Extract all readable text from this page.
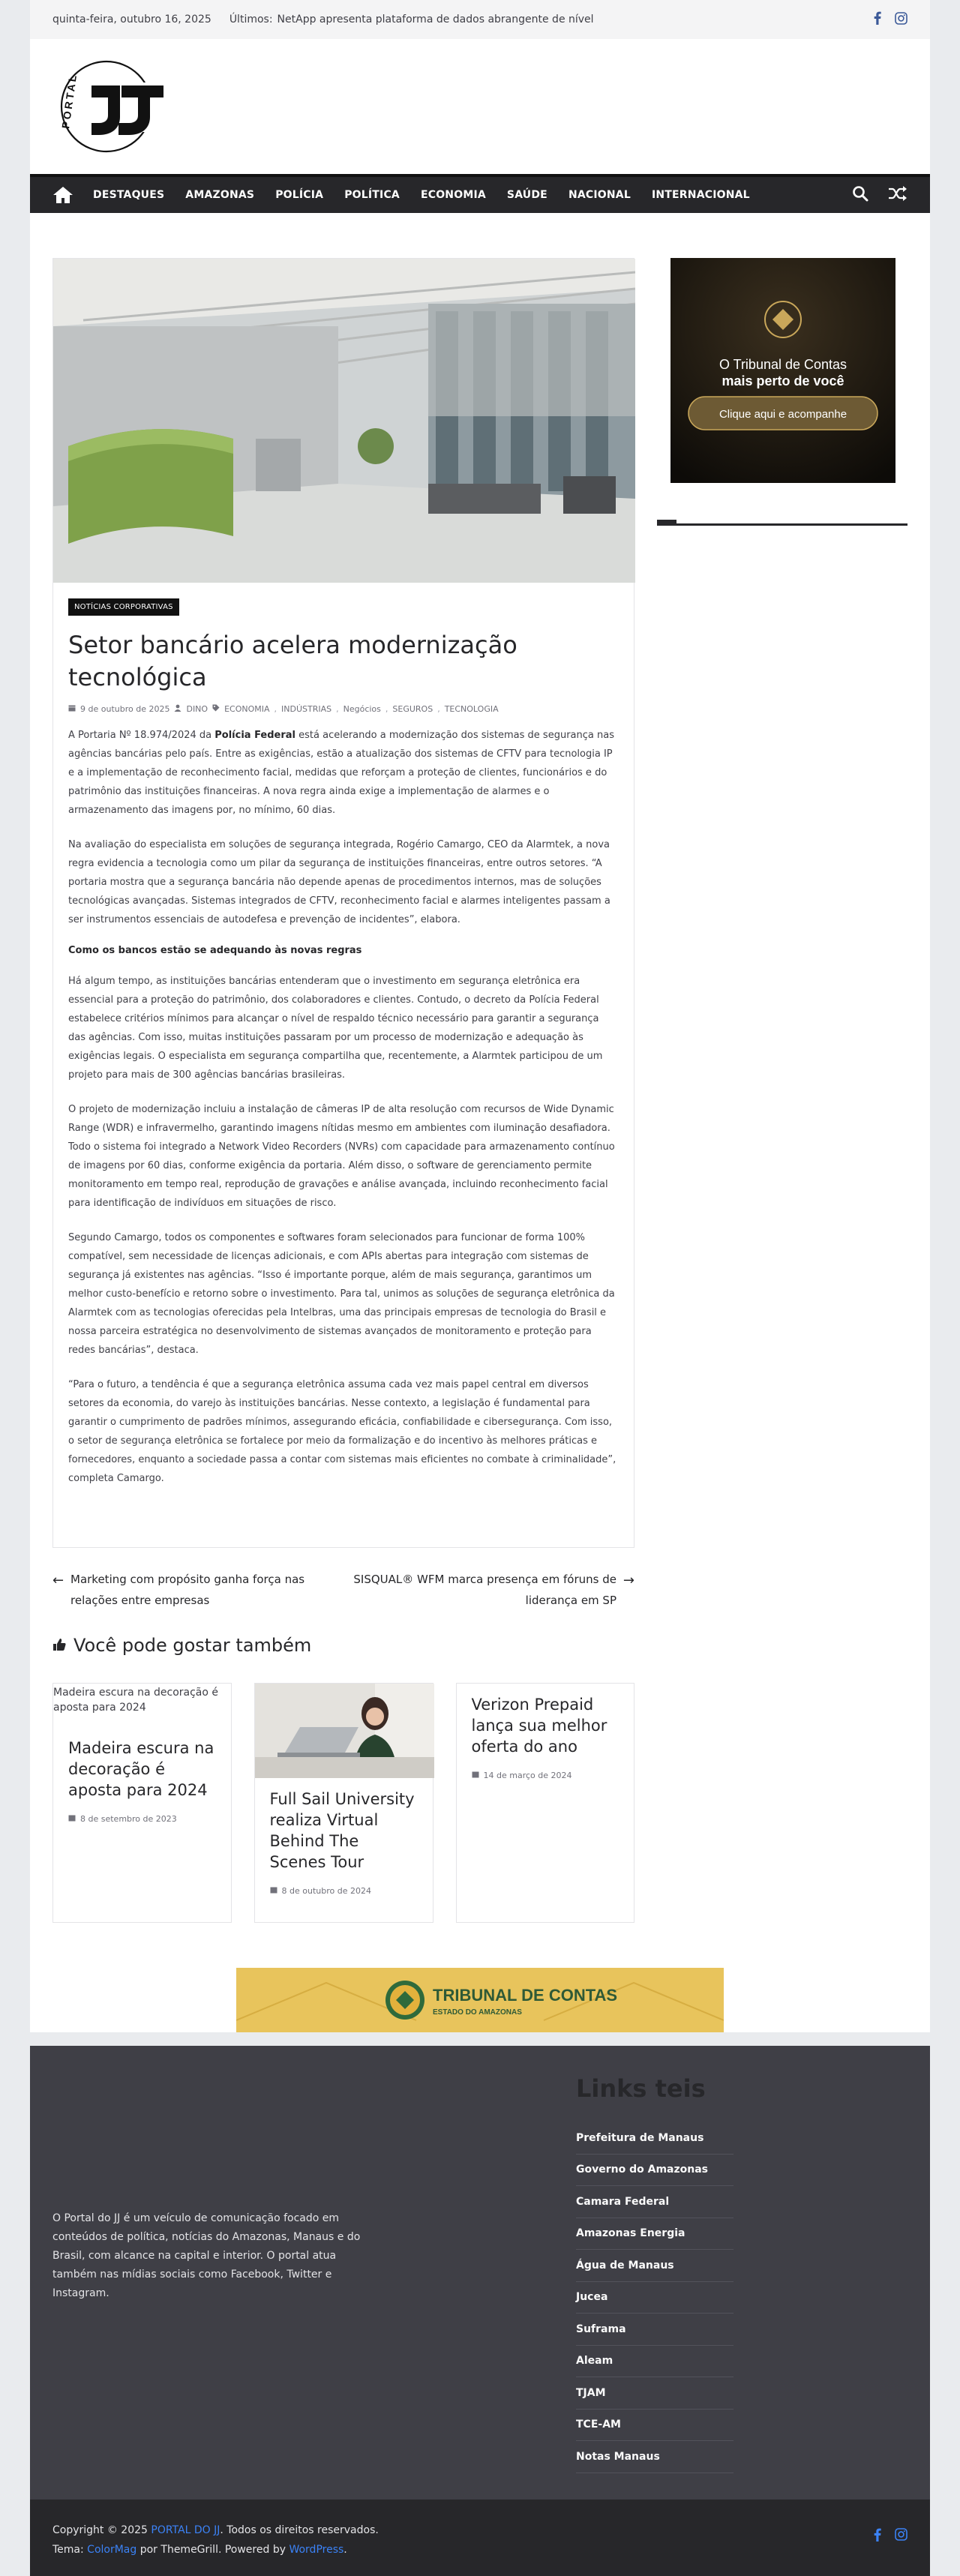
quinta-feira, outubro 16, 2025 Últimos: NetApp apresenta plataforma de dados abrangente de nível
PORTAL
DESTAQUES AMAZONAS POLÍCIA POLÍTICA ECONOMIA SAÚDE NACIONAL INTERNACIONAL
NOTÍCIAS CORPORATIVAS
Setor bancário acelera modernização tecnológica
9 de outubro de 2025 DINO ECONOMIA , INDÚSTRIAS , Negócios , SEGUROS , TECNOLOGIA

A Portaria Nº 18.974/2024 da Polícia Federal está acelerando a modernização dos sistemas de segurança nas agências bancárias pelo país. Entre as exigências, estão a atualização dos sistemas de CFTV para tecnologia IP e a implementação de reconhecimento facial, medidas que reforçam a proteção de clientes, funcionários e do patrimônio das instituições financeiras. A nova regra ainda exige a implementação de alarmes e o armazenamento das imagens por, no mínimo, 60 dias.

Na avaliação do especialista em soluções de segurança integrada, Rogério Camargo, CEO da Alarmtek, a nova regra evidencia a tecnologia como um pilar da segurança de instituições financeiras, entre outros setores. “A portaria mostra que a segurança bancária não depende apenas de procedimentos internos, mas de soluções tecnológicas avançadas. Sistemas integrados de CFTV, reconhecimento facial e alarmes inteligentes passam a ser instrumentos essenciais de autodefesa e prevenção de incidentes”, elabora.

Como os bancos estão se adequando às novas regras

Há algum tempo, as instituições bancárias entenderam que o investimento em segurança eletrônica era essencial para a proteção do patrimônio, dos colaboradores e clientes. Contudo, o decreto da Polícia Federal estabelece critérios mínimos para alcançar o nível de respaldo técnico necessário para garantir a segurança das agências. Com isso, muitas instituições passaram por um processo de modernização e adequação às exigências legais. O especialista em segurança compartilha que, recentemente, a Alarmtek participou de um projeto para mais de 300 agências bancárias brasileiras.

O projeto de modernização incluiu a instalação de câmeras IP de alta resolução com recursos de Wide Dynamic Range (WDR) e infravermelho, garantindo imagens nítidas mesmo em ambientes com iluminação desafiadora. Todo o sistema foi integrado a Network Video Recorders (NVRs) com capacidade para armazenamento contínuo de imagens por 60 dias, conforme exigência da portaria. Além disso, o software de gerenciamento permite monitoramento em tempo real, reprodução de gravações e análise avançada, incluindo reconhecimento facial para identificação de indivíduos em situações de risco.

Segundo Camargo, todos os componentes e softwares foram selecionados para funcionar de forma 100% compatível, sem necessidade de licenças adicionais, e com APIs abertas para integração com sistemas de segurança já existentes nas agências. “Isso é importante porque, além de mais segurança, garantimos um melhor custo-benefício e retorno sobre o investimento. Para tal, unimos as soluções de segurança eletrônica da Alarmtek com as tecnologias oferecidas pela Intelbras, uma das principais empresas de tecnologia do Brasil e nossa parceira estratégica no desenvolvimento de sistemas avançados de monitoramento e proteção para redes bancárias”, destaca.

“Para o futuro, a tendência é que a segurança eletrônica assuma cada vez mais papel central em diversos setores da economia, do varejo às instituições bancárias. Nesse contexto, a legislação é fundamental para garantir o cumprimento de padrões mínimos, assegurando eficácia, confiabilidade e cibersegurança. Com isso, o setor de segurança eletrônica se fortalece por meio da formalização e do incentivo às melhores práticas e fornecedores, enquanto a sociedade passa a contar com sistemas mais eficientes no combate à criminalidade”, completa Camargo.

← Marketing com propósito ganha força nas relações entre empresas
SISQUAL® WFM marca presença em fóruns de liderança em SP
→
Você pode gostar também
Madeira escura na decoração é aposta para 2024
Madeira escura na decoração é aposta para 2024
8 de setembro de 2023
Full Sail University realiza Virtual Behind The Scenes Tour
8 de outubro de 2024
Verizon Prepaid lança sua melhor oferta do ano
14 de março de 2024
O Tribunal de Contas
mais perto de você
Clique aqui e acompanhe
TRIBUNAL DE CONTAS
ESTADO DO AMAZONAS

O Portal do JJ é um veículo de comunicação focado em conteúdos de política, notícias do Amazonas, Manaus e do Brasil, com alcance na capital e interior. O portal atua também nas mídias sociais como Facebook, Twitter e Instagram.

Links teis
Prefeitura de Manaus
Governo do Amazonas
Camara Federal
Amazonas Energia
Água de Manaus
Jucea
Suframa
Aleam
TJAM
TCE-AM
Notas Manaus
Copyright © 2025 PORTAL DO JJ. Todos os direitos reservados.
Tema: ColorMag por ThemeGrill. Powered by WordPress.
